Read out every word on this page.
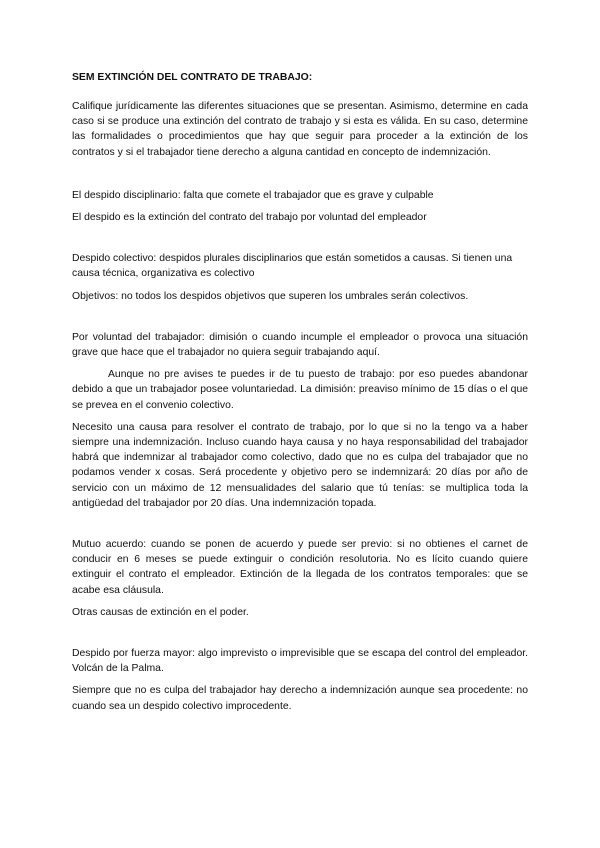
SEM EXTINCIÓN DEL CONTRATO DE TRABAJO:

Califique jurídicamente las diferentes situaciones que se presentan. Asimismo, determine en cada caso si se produce una extinción del contrato de trabajo y si esta es válida. En su caso, determine las formalidades o procedimientos que hay que seguir para proceder a la extinción de los contratos y si el trabajador tiene derecho a alguna cantidad en concepto de indemnización.

El despido disciplinario: falta que comete el trabajador que es grave y culpable

El despido es la extinción del contrato del trabajo por voluntad del empleador

Despido colectivo: despidos plurales disciplinarios que están sometidos a causas. Si tienen una causa técnica, organizativa es colectivo

Objetivos: no todos los despidos objetivos que superen los umbrales serán colectivos.

Por voluntad del trabajador: dimisión o cuando incumple el empleador o provoca una situación grave que hace que el trabajador no quiera seguir trabajando aquí.

Aunque no pre avises te puedes ir de tu puesto de trabajo: por eso puedes abandonar debido a que un trabajador posee voluntariedad. La dimisión: preaviso mínimo de 15 días o el que se prevea en el convenio colectivo.

Necesito una causa para resolver el contrato de trabajo, por lo que si no la tengo va a haber siempre una indemnización. Incluso cuando haya causa y no haya responsabilidad del trabajador habrá que indemnizar al trabajador como colectivo, dado que no es culpa del trabajador que no podamos vender x cosas. Será procedente y objetivo pero se indemnizará: 20 días por año de servicio con un máximo de 12 mensualidades del salario que tú tenías: se multiplica toda la antigüedad del trabajador por 20 días. Una indemnización topada.

Mutuo acuerdo: cuando se ponen de acuerdo y puede ser previo: si no obtienes el carnet de conducir en 6 meses se puede extinguir o condición resolutoria. No es lícito cuando quiere extinguir el contrato el empleador. Extinción de la llegada de los contratos temporales: que se acabe esa cláusula.

Otras causas de extinción en el poder.

Despido por fuerza mayor: algo imprevisto o imprevisible que se escapa del control del empleador. Volcán de la Palma.

Siempre que no es culpa del trabajador hay derecho a indemnización aunque sea procedente: no cuando sea un despido colectivo improcedente.
